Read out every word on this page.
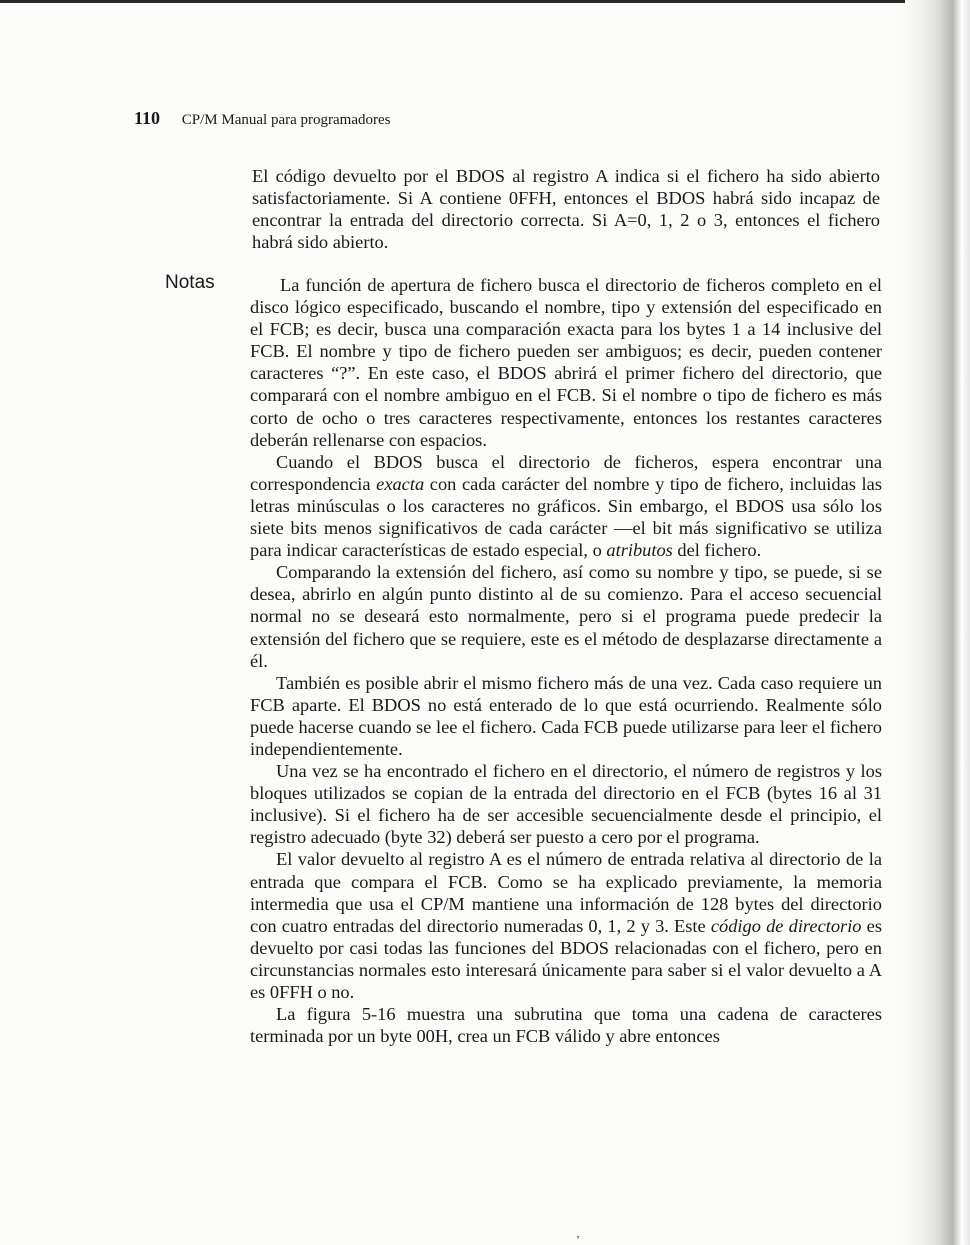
110 CP/M Manual para programadores

El código devuelto por el BDOS al registro A indica si el fichero ha sido abierto satisfactoriamente. Si A contiene 0FFH, entonces el BDOS habrá sido incapaz de encontrar la entrada del directorio correcta. Si A=0, 1, 2 o 3, entonces el fichero habrá sido abierto.

Notas	La función de apertura de fichero busca el directorio de ficheros completo en el disco lógico especificado, buscando el nombre, tipo y extensión del especificado en el FCB; es decir, busca una comparación exacta para los bytes 1 a 14 inclusive del FCB. El nombre y tipo de fichero pueden ser ambiguos; es decir, pueden contener caracteres “?”. En este caso, el BDOS abrirá el primer fichero del directorio, que comparará con el nombre ambiguo en el FCB. Si el nombre o tipo de fichero es más corto de ocho o tres caracteres respectivamente, entonces los restantes caracteres deberán rellenarse con espacios.

Cuando el BDOS busca el directorio de ficheros, espera encontrar una correspondencia exacta con cada carácter del nombre y tipo de fichero, incluidas las letras minúsculas o los caracteres no gráficos. Sin embargo, el BDOS usa sólo los siete bits menos significativos de cada carácter —el bit más significativo se utiliza para indicar características de estado especial, o atributos del fichero.

Comparando la extensión del fichero, así como su nombre y tipo, se puede, si se desea, abrirlo en algún punto distinto al de su comienzo. Para el acceso secuencial normal no se deseará esto normalmente, pero si el programa puede predecir la extensión del fichero que se requiere, este es el método de desplazarse directamente a él.

También es posible abrir el mismo fichero más de una vez. Cada caso requiere un FCB aparte. El BDOS no está enterado de lo que está ocurriendo. Realmente sólo puede hacerse cuando se lee el fichero. Cada FCB puede utilizarse para leer el fichero independientemente.

Una vez se ha encontrado el fichero en el directorio, el número de registros y los bloques utilizados se copian de la entrada del directorio en el FCB (bytes 16 al 31 inclusive). Si el fichero ha de ser accesible secuencialmente desde el principio, el registro adecuado (byte 32) deberá ser puesto a cero por el programa.

El valor devuelto al registro A es el número de entrada relativa al directorio de la entrada que compara el FCB. Como se ha explicado previamente, la memoria intermedia que usa el CP/M mantiene una información de 128 bytes del directorio con cuatro entradas del directorio numeradas 0, 1, 2 y 3. Este código de directorio es devuelto por casi todas las funciones del BDOS relacionadas con el fichero, pero en circunstancias normales esto interesará únicamente para saber si el valor devuelto a A es 0FFH o no.

La figura 5-16 muestra una subrutina que toma una cadena de caracteres terminada por un byte 00H, crea un FCB válido y abre entonces

‚
